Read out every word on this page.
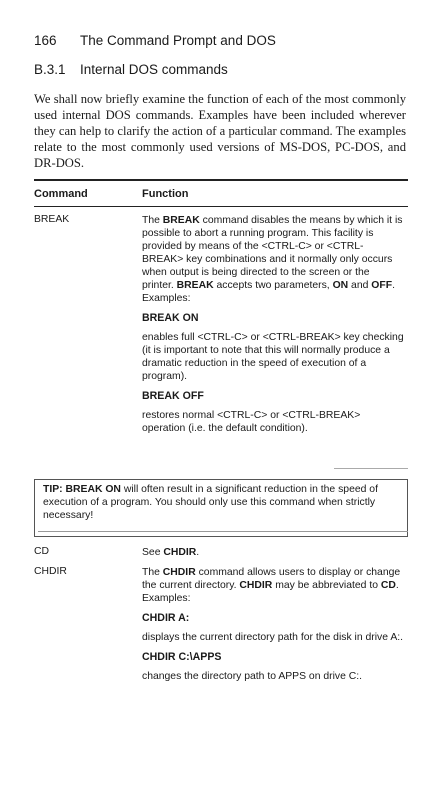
166 The Command Prompt and DOS
B.3.1 Internal DOS commands
We shall now briefly examine the function of each of the most commonly used internal DOS commands. Examples have been included wherever they can help to clarify the action of a particular command. The examples relate to the most commonly used versions of MS-DOS, PC-DOS, and DR-DOS.
Command	Function
BREAK	The BREAK command disables the means by which it is possible to abort a running program. This facility is provided by means of the <CTRL-C> or <CTRL-BREAK> key combinations and it normally only occurs when output is being directed to the screen or the printer. BREAK accepts two parameters, ON and OFF.

Examples:

BREAK ON

enables full <CTRL-C> or <CTRL-BREAK> key checking (it is important to note that this will normally produce a dramatic reduction in the speed of execution of a program).

BREAK OFF

restores normal <CTRL-C> or <CTRL-BREAK> operation (i.e. the default condition).

TIP: BREAK ON will often result in a significant reduction in the speed of execution of a program. You should only use this command when strictly necessary!
CD	See CHDIR.

CHDIR	The CHDIR command allows users to display or change the current directory. CHDIR may be abbreviated to CD.

Examples:

CHDIR A:

displays the current directory path for the disk in drive A:.

CHDIR C:\APPS

changes the directory path to APPS on drive C:.
